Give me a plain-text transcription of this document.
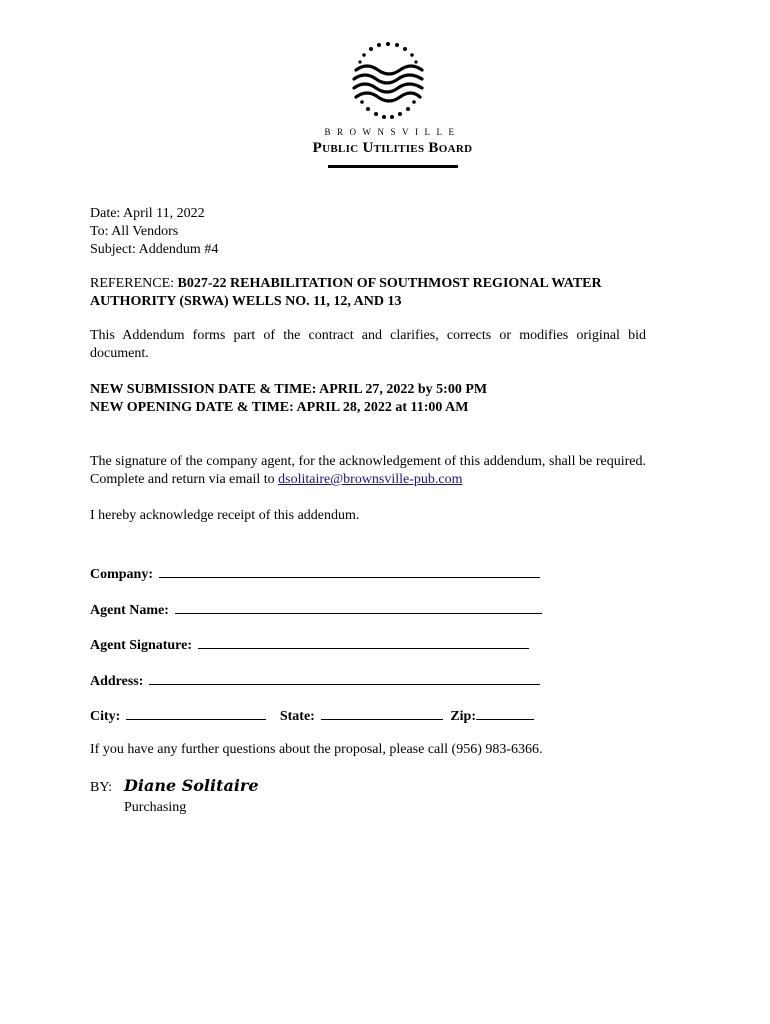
BROWNSVILLE
Public Utilities Board
Date: April 11, 2022
To: All Vendors
Subject: Addendum #4
REFERENCE: B027-22 REHABILITATION OF SOUTHMOST REGIONAL WATER AUTHORITY (SRWA) WELLS NO. 11, 12, AND 13
This Addendum forms part of the contract and clarifies, corrects or modifies original bid document.
NEW SUBMISSION DATE & TIME: APRIL 27, 2022 by 5:00 PM
NEW OPENING DATE & TIME: APRIL 28, 2022 at 11:00 AM
The signature of the company agent, for the acknowledgement of this addendum, shall be required. Complete and return via email to dsolitaire@brownsville-pub.com
I hereby acknowledge receipt of this addendum.
Company:
Agent Name:
Agent Signature:
Address:
City:	State:	Zip:
If you have any further questions about the proposal, please call (956) 983-6366.
BY: Diane Solitaire
Purchasing
